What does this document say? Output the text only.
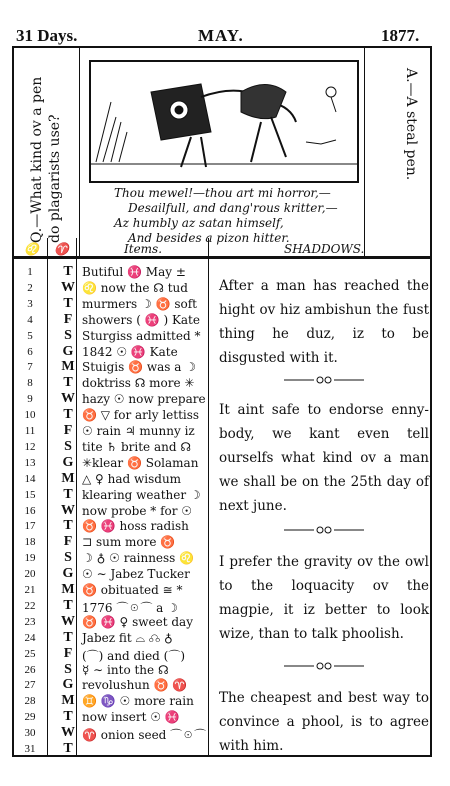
31 Days.	MAY.	1877.
Q.—What kind ov a pen do plagarists use?	A.—A steal pen.
Thou mewel!—thou art mi horror,—
Desailfull, and dang'rous kritter,—
Az humbly az satan himself,
And besides a pizon hitter.
♌ ♈	Items.	SHADDOWS.
1	T Butiful ♓ May ±
2	W ♌ now the ☊ tud
3	T murmers ☽ ♉ soft
4	F showers ( ♓ ) Kate
5	S Sturgiss admitted *
6	G 1842 ☉ ♓ Kate
7	M Stuigis ♉ was a ☽
8	T doktriss ☊ more ✳
9	W hazy ☉ now prepare
10	T ♉ ▽ for arly lettiss
11	F ☉ rain ♃ munny iz
12	S tite ♄ brite and ☊
13	G ✳klear ♉ Solaman
14	M △ ♀ had wisdum
15	T klearing weather ☽
16	W now probe * for ☉
17	T ♉ ♓ hoss radish
18	F ⊐ sum more ♉
19	S ☽ ♁ ☉ rainness ♌
20	G ☉ ∼ Jabez Tucker
21	M ♉ obituated ≅ *
22	T 1776 ⌒☉⌒ a ☽
23	W ♉ ♓ ♀ sweet day
24	T Jabez fit ⌓ ☊ ♁
25	F (⌒) and died (⌒)
26	S ☿ ∼ into the ☊
27	G revolushun ♉ ♈
28	M ♊ ♑ ☉ more rain
29	T now insert ☉ ♓
30	W ♈ onion seed ⌒☉⌒
31	T
After a man has reached the hight ov hiz ambishun the fust thing he duz, iz to be disgusted with it.
It aint safe to endorse enny-body, we kant even tell ourselfs what kind ov a man we shall be on the 25th day of next june.
I prefer the gravity ov the owl to the loquacity ov the magpie, it iz better to look wize, than to talk phoolish.
The cheapest and best way to convince a phool, is to agree with him.
